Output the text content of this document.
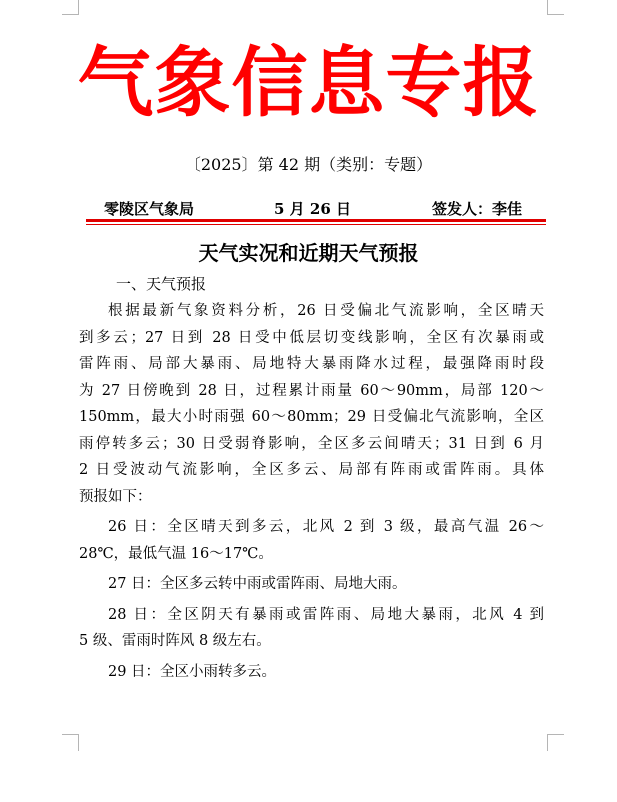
气象信息专报
〔2025〕第 42 期（类别：专题）
零陵区气象局	5 月 26 日	签发人：李佳
天气实况和近期天气预报
一、天气预报
根据最新气象资料分析，26 日受偏北气流影响，全区晴天
到多云；27 日到 28 日受中低层切变线影响，全区有次暴雨或
雷阵雨、局部大暴雨、局地特大暴雨降水过程，最强降雨时段
为 27 日傍晚到 28 日，过程累计雨量 60～90mm，局部 120～
150mm，最大小时雨强 60～80mm；29 日受偏北气流影响，全区
雨停转多云；30 日受弱脊影响，全区多云间晴天；31 日到 6 月
2 日受波动气流影响，全区多云、局部有阵雨或雷阵雨。具体
预报如下：
26 日：全区晴天到多云，北风 2 到 3 级，最高气温 26～
28℃，最低气温 16～17℃。
27 日：全区多云转中雨或雷阵雨、局地大雨。
28 日：全区阴天有暴雨或雷阵雨、局地大暴雨，北风 4 到
5 级、雷雨时阵风 8 级左右。
29 日：全区小雨转多云。
